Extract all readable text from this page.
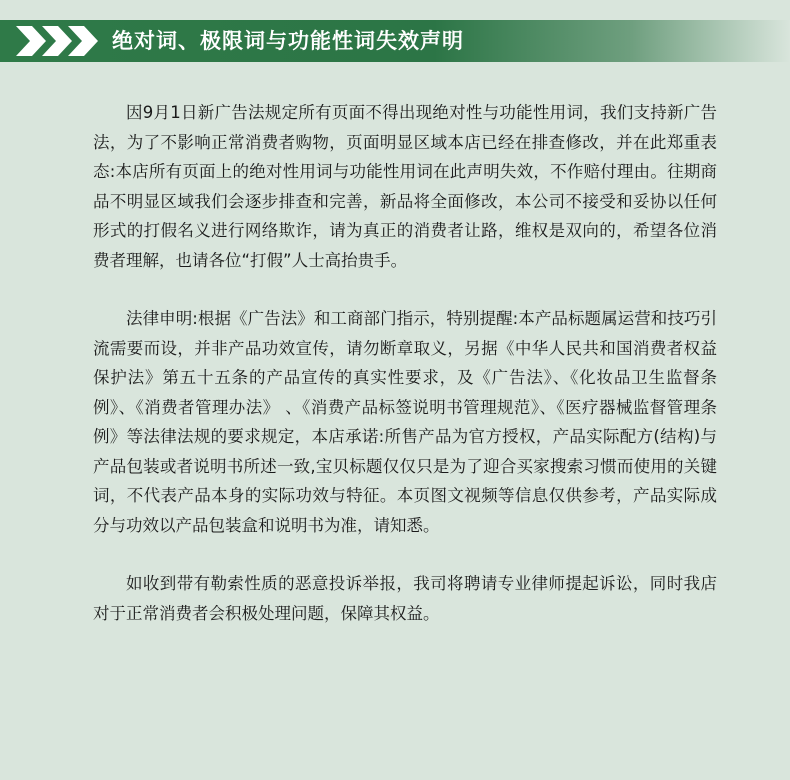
绝对词、极限词与功能性词失效声明

因9月1日新广告法规定所有页面不得出现绝对性与功能性用词，我们支持新广告法，为了不影响正常消费者购物，页面明显区域本店已经在排查修改，并在此郑重表态:本店所有页面上的绝对性用词与功能性用词在此声明失效，不作赔付理由。往期商品不明显区域我们会逐步排查和完善，新品将全面修改，本公司不接受和妥协以任何形式的打假名义进行网络欺诈，请为真正的消费者让路，维权是双向的，希望各位消费者理解，也请各位“打假”人士高抬贵手。

法律申明:根据《广告法》和工商部门指示，特别提醒:本产品标题属运营和技巧引流需要而设，并非产品功效宣传，请勿断章取义，另据《中华人民共和国消费者权益保护法》第五十五条的产品宣传的真实性要求，及《广告法》、《化妆品卫生监督条例》、《消费者管理办法》 、《消费产品标签说明书管理规范》、《医疗器械监督管理条例》等法律法规的要求规定，本店承诺:所售产品为官方授权，产品实际配方(结构)与产品包装或者说明书所述一致,宝贝标题仅仅只是为了迎合买家搜索习惯而使用的关键词，不代表产品本身的实际功效与特征。本页图文视频等信息仅供参考，产品实际成分与功效以产品包装盒和说明书为准，请知悉。

如收到带有勒索性质的恶意投诉举报，我司将聘请专业律师提起诉讼，同时我店对于正常消费者会积极处理问题，保障其权益。
